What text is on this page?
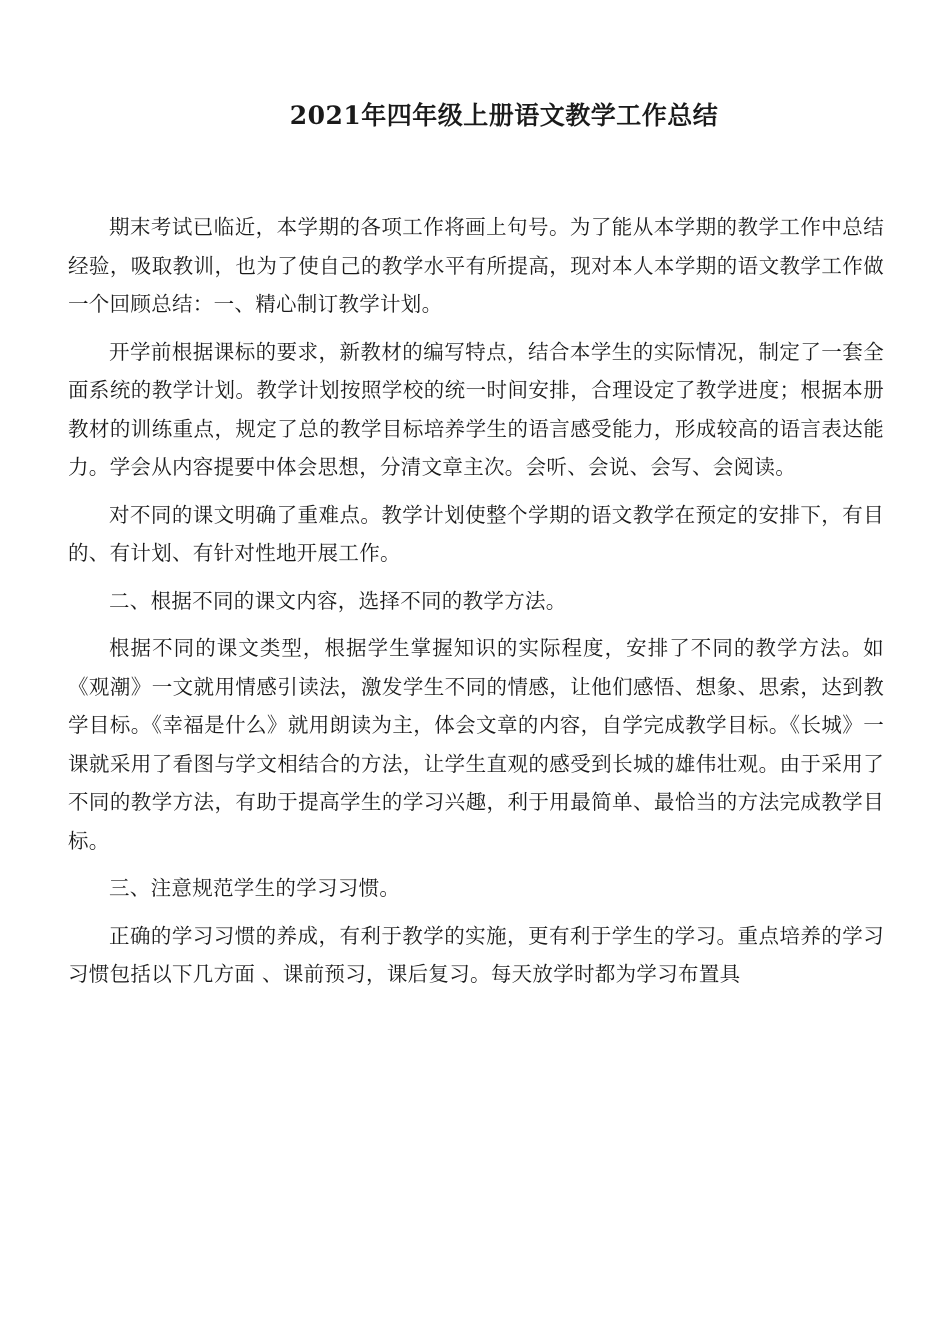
2021年四年级上册语文教学工作总结

期末考试已临近，本学期的各项工作将画上句号。为了能从本学期的教学工作中总结经验，吸取教训，也为了使自己的教学水平有所提高，现对本人本学期的语文教学工作做一个回顾总结：一、精心制订教学计划。

开学前根据课标的要求，新教材的编写特点，结合本学生的实际情况，制定了一套全面系统的教学计划。教学计划按照学校的统一时间安排，合理设定了教学进度；根据本册教材的训练重点，规定了总的教学目标培养学生的语言感受能力，形成较高的语言表达能力。学会从内容提要中体会思想，分清文章主次。会听、会说、会写、会阅读。

对不同的课文明确了重难点。教学计划使整个学期的语文教学在预定的安排下，有目的、有计划、有针对性地开展工作。

二、根据不同的课文内容，选择不同的教学方法。

根据不同的课文类型，根据学生掌握知识的实际程度，安排了不同的教学方法。如《观潮》一文就用情感引读法，激发学生不同的情感，让他们感悟、想象、思索，达到教学目标。《幸福是什么》就用朗读为主，体会文章的内容，自学完成教学目标。《长城》一课就采用了看图与学文相结合的方法，让学生直观的感受到长城的雄伟壮观。由于采用了不同的教学方法，有助于提高学生的学习兴趣，利于用最简单、最恰当的方法完成教学目标。

三、注意规范学生的学习习惯。

正确的学习习惯的养成，有利于教学的实施，更有利于学生的学习。重点培养的学习习惯包括以下几方面 、课前预习，课后复习。每天放学时都为学习布置具
